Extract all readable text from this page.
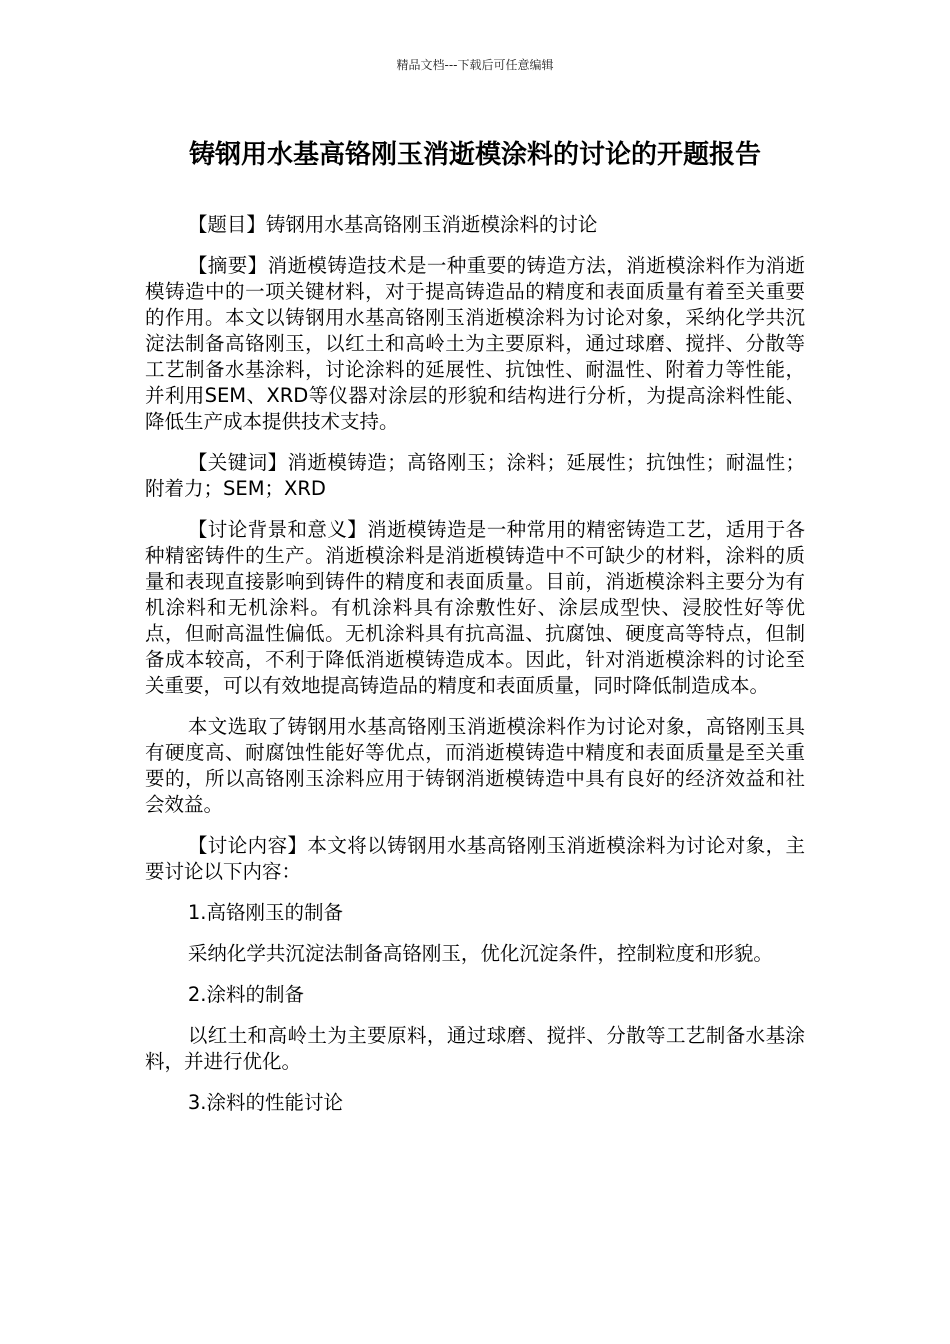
精品文档---下载后可任意编辑
铸钢用水基高铬刚玉消逝模涂料的讨论的开题报告

【题目】铸钢用水基高铬刚玉消逝模涂料的讨论

【摘要】消逝模铸造技术是一种重要的铸造方法，消逝模涂料作为消逝模铸造中的一项关键材料，对于提高铸造品的精度和表面质量有着至关重要的作用。本文以铸钢用水基高铬刚玉消逝模涂料为讨论对象，采纳化学共沉淀法制备高铬刚玉，以红土和高岭土为主要原料，通过球磨、搅拌、分散等工艺制备水基涂料，讨论涂料的延展性、抗蚀性、耐温性、附着力等性能，并利用SEM、XRD等仪器对涂层的形貌和结构进行分析，为提高涂料性能、降低生产成本提供技术支持。

【关键词】消逝模铸造；高铬刚玉；涂料；延展性；抗蚀性；耐温性；附着力；SEM；XRD

【讨论背景和意义】消逝模铸造是一种常用的精密铸造工艺，适用于各种精密铸件的生产。消逝模涂料是消逝模铸造中不可缺少的材料，涂料的质量和表现直接影响到铸件的精度和表面质量。目前，消逝模涂料主要分为有机涂料和无机涂料。有机涂料具有涂敷性好、涂层成型快、浸胶性好等优点，但耐高温性偏低。无机涂料具有抗高温、抗腐蚀、硬度高等特点，但制备成本较高，不利于降低消逝模铸造成本。因此，针对消逝模涂料的讨论至关重要，可以有效地提高铸造品的精度和表面质量，同时降低制造成本。

本文选取了铸钢用水基高铬刚玉消逝模涂料作为讨论对象，高铬刚玉具有硬度高、耐腐蚀性能好等优点，而消逝模铸造中精度和表面质量是至关重要的，所以高铬刚玉涂料应用于铸钢消逝模铸造中具有良好的经济效益和社会效益。

【讨论内容】本文将以铸钢用水基高铬刚玉消逝模涂料为讨论对象，主要讨论以下内容：

1.高铬刚玉的制备

采纳化学共沉淀法制备高铬刚玉，优化沉淀条件，控制粒度和形貌。

2.涂料的制备

以红土和高岭土为主要原料，通过球磨、搅拌、分散等工艺制备水基涂料，并进行优化。

3.涂料的性能讨论
